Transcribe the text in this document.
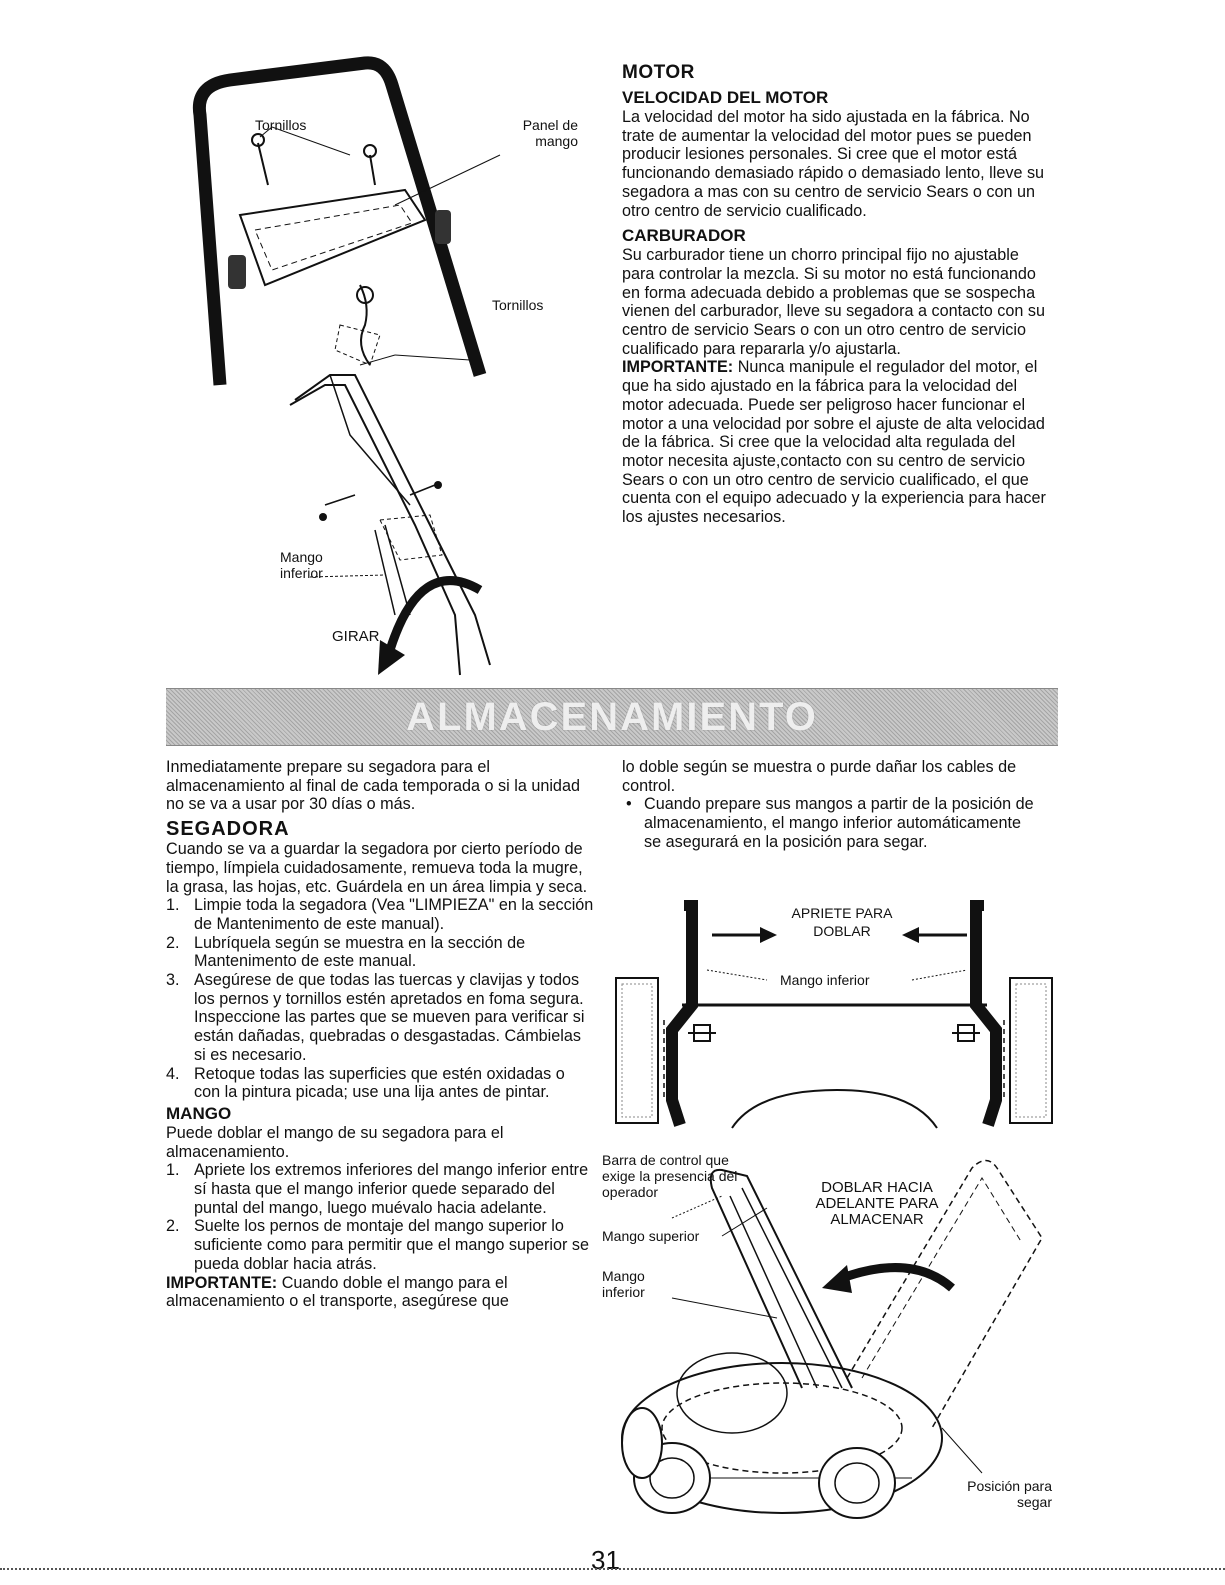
Tornillos	Panel de mango
Tornillos
Mango inferior
GIRAR
MOTOR
VELOCIDAD DEL MOTOR

La velocidad del motor ha sido ajustada en la fábrica. No trate de aumentar la velocidad del motor pues se pueden producir lesiones personales. Si cree que el motor está funcionando demasiado rápido o demasiado lento, lleve su segadora a mas con su centro de servicio Sears o con un otro centro de servicio cualificado.

CARBURADOR

Su carburador tiene un chorro principal fijo no ajustable para controlar la mezcla. Si su motor no está funcionando en forma adecuada debido a problemas que se sospecha vienen del carburador, lleve su segadora a contacto con su centro de servicio Sears o con un otro centro de servicio cualificado para repararla y/o ajustarla.

IMPORTANTE: Nunca manipule el regulador del motor, el que ha sido ajustado en la fábrica para la velocidad del motor adecuada. Puede ser peligroso hacer funcionar el motor a una velocidad por sobre el ajuste de alta velocidad de la fábrica. Si cree que la velocidad alta regulada del motor necesita ajuste,contacto con su centro de servicio Sears o con un otro centro de servicio cualificado, el que cuenta con el equipo adecuado y la experiencia para hacer los ajustes necesarios.

ALMACENAMIENTO

Inmediatamente prepare su segadora para el almacenamiento al final de cada temporada o si la unidad no se va a usar por 30 días o más.

SEGADORA

Cuando se va a guardar la segadora por cierto período de tiempo, límpiela cuidadosamente, remueva toda la mugre, la grasa, las hojas, etc. Guárdela en un área limpia y seca.

1. Limpie toda la segadora (Vea "LIMPIEZA" en la sección de Mantenimento de este manual).
2. Lubríquela según se muestra en la sección de Mantenimento de este manual.
3. Asegúrese de que todas las tuercas y clavijas y todos los pernos y tornillos estén apretados en foma segura. Inspeccione las partes que se mueven para verificar si están dañadas, quebradas o desgastadas. Cámbielas si es necesario.
4. Retoque todas las superficies que estén oxidadas o con la pintura picada; use una lija antes de pintar.
MANGO

Puede doblar el mango de su segadora para el almacenamiento.

1. Apriete los extremos inferiores del mango inferior entre sí hasta que el mango inferior quede separado del puntal del mango, luego muévalo hacia adelante.
2. Suelte los pernos de montaje del mango superior lo suficiente como para permitir que el mango superior se pueda doblar hacia atrás.

IMPORTANTE: Cuando doble el mango para el almacenamiento o el transporte, asegúrese que

lo doble según se muestra o purde dañar los cables de control.

• Cuando prepare sus mangos a partir de la posición de almacenamiento, el mango inferior automáticamente se asegurará en la posición para segar.
APRIETE PARA DOBLAR
Mango inferior
Barra de control que exige la presencia del operador
Mango superior
Mango inferior
DOBLAR HACIA ADELANTE PARA ALMACENAR
Posición para segar
31
